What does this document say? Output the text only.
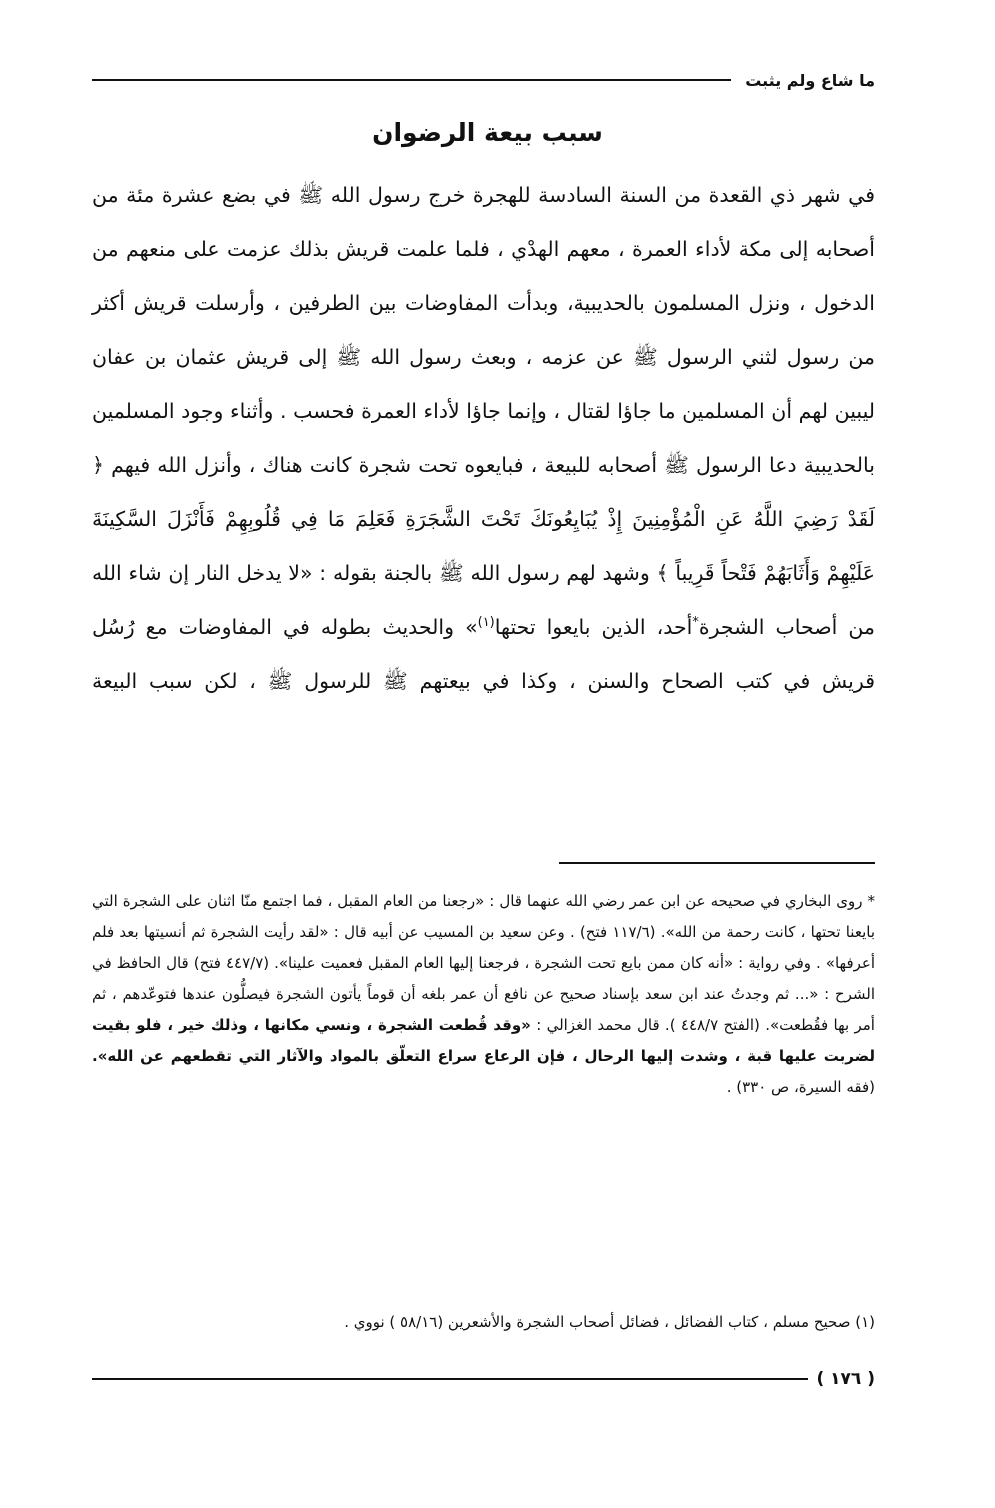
ما شاع ولم يثبت
سبب بيعة الرضوان

في شهر ذي القعدة من السنة السادسة للهجرة خرج رسول الله ﷺ في بضع عشرة مئة من أصحابه إلى مكة لأداء العمرة ، معهم الهدْي ، فلما علمت قريش بذلك عزمت على منعهم من الدخول ، ونزل المسلمون بالحديبية، وبدأت المفاوضات بين الطرفين ، وأرسلت قريش أكثر من رسول لثني الرسول ﷺ عن عزمه ، وبعث رسول الله ﷺ إلى قريش عثمان بن عفان ليبين لهم أن المسلمين ما جاؤا لقتال ، وإنما جاؤا لأداء العمرة فحسب . وأثناء وجود المسلمين بالحديبية دعا الرسول ﷺ أصحابه للبيعة ، فبايعوه تحت شجرة كانت هناك ، وأنزل الله فيهم ﴿ لَقَدْ رَضِيَ اللَّهُ عَنِ الْمُؤْمِنِينَ إِذْ يُبَايِعُونَكَ تَحْتَ الشَّجَرَةِ فَعَلِمَ مَا فِي قُلُوبِهِمْ فَأَنْزَلَ السَّكِينَةَ عَلَيْهِمْ وَأَثَابَهُمْ فَتْحاً قَرِيباً ﴾ وشهد لهم رسول الله ﷺ بالجنة بقوله : «لا يدخل النار إن شاء الله من أصحاب الشجرة*أحد، الذين بايعوا تحتها$^{(١)}$» والحديث بطوله في المفاوضات مع رُسُل قريش في كتب الصحاح والسنن ، وكذا في بيعتهم ﷺ للرسول ﷺ ، لكن سبب البيعة

* روى البخاري في صحيحه عن ابن عمر رضي الله عنهما قال : «رجعنا من العام المقبل ، فما اجتمع منّا اثنان على الشجرة التي بايعنا تحتها ، كانت رحمة من الله». (١١٧/٦ فتح) . وعن سعيد بن المسيب عن أبيه قال : «لقد رأيت الشجرة ثم أنسيتها بعد فلم أعرفها» . وفي رواية : «أنه كان ممن بايع تحت الشجرة ، فرجعنا إليها العام المقبل فعميت علينا». (٤٤٧/٧ فتح) قال الحافظ في الشرح : «... ثم وجدتُ عند ابن سعد بإسناد صحيح عن نافع أن عمر بلغه أن قوماً يأتون الشجرة فيصلُّون عندها فتوعّدهم ، ثم أمر بها فقُطعت». (الفتح ٤٤٨/٧ ). قال محمد الغزالي : «وقد قُطعت الشجرة ، ونسي مكانها ، وذلك خير ، فلو بقيت لضربت عليها قبة ، وشدت إليها الرحال ، فإن الرعاع سراع التعلّق بالمواد والآثار التي تقطعهم عن الله». (فقه السيرة، ص ٣٣٠) .

(١) صحيح مسلم ، كتاب الفضائل ، فضائل أصحاب الشجرة والأشعرين (٥٨/١٦ ) نووي .

( ١٧٦ )
